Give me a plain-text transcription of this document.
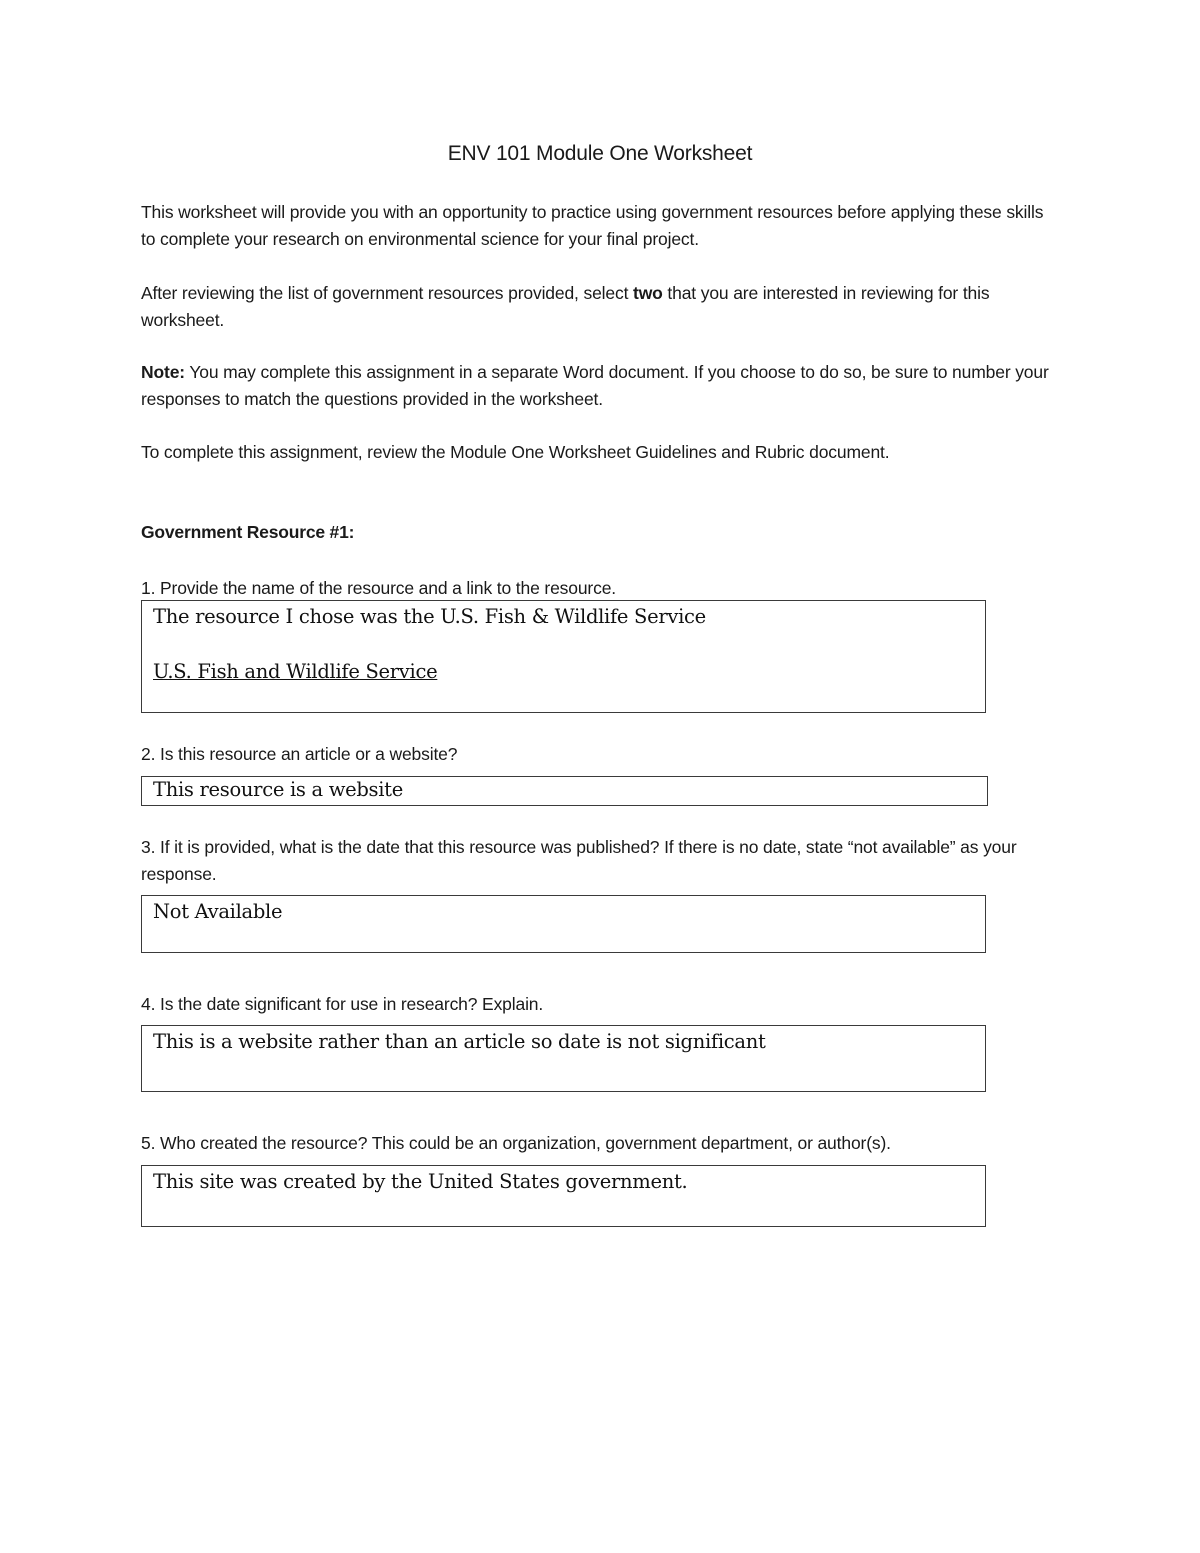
ENV 101 Module One Worksheet
This worksheet will provide you with an opportunity to practice using government resources before applying these skills to complete your research on environmental science for your final project.
After reviewing the list of government resources provided, select two that you are interested in reviewing for this worksheet.
Note: You may complete this assignment in a separate Word document. If you choose to do so, be sure to number your responses to match the questions provided in the worksheet.
To complete this assignment, review the Module One Worksheet Guidelines and Rubric document.
Government Resource #1:
1. Provide the name of the resource and a link to the resource.
The resource I chose was the U.S. Fish & Wildlife Service
U.S. Fish and Wildlife Service
2. Is this resource an article or a website?
This resource is a website
3. If it is provided, what is the date that this resource was published? If there is no date, state “not available” as your response.
Not Available
4. Is the date significant for use in research? Explain.
This is a website rather than an article so date is not significant
5. Who created the resource? This could be an organization, government department, or author(s).
This site was created by the United States government.
